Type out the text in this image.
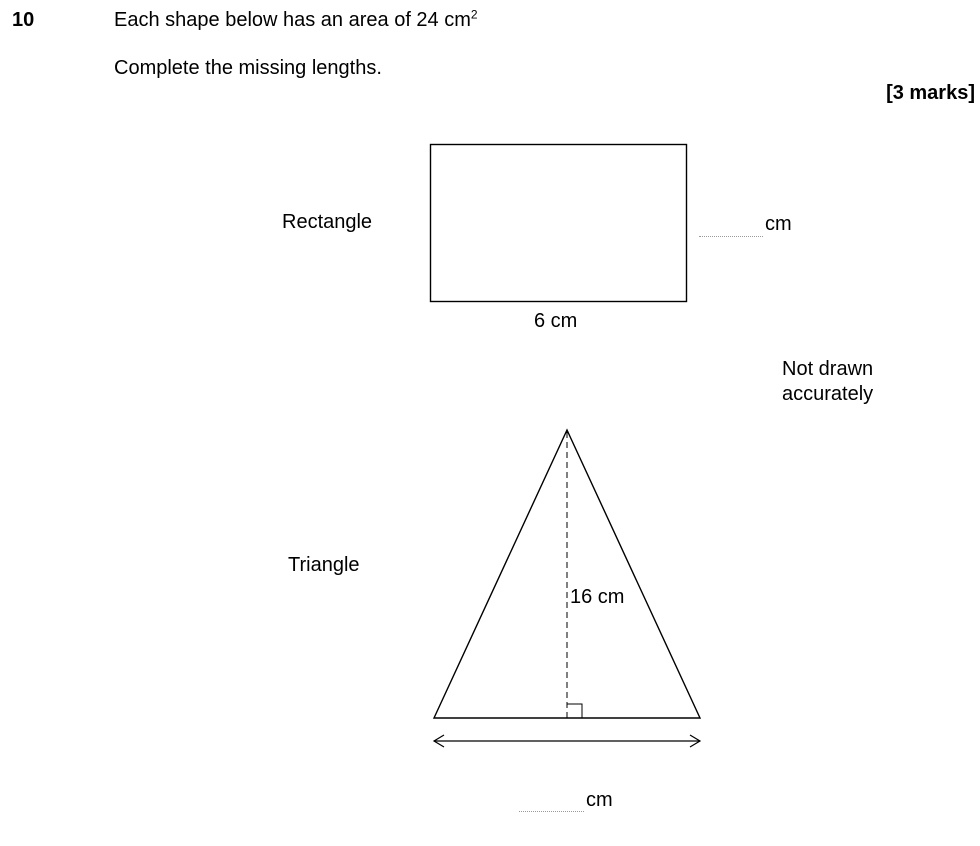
10	Each shape below has an area of 24 $cm^2$
Complete the missing lengths.
[3 marks]
Rectangle
6 cm
cm
Not drawn
accurately
Triangle
16 cm
cm
